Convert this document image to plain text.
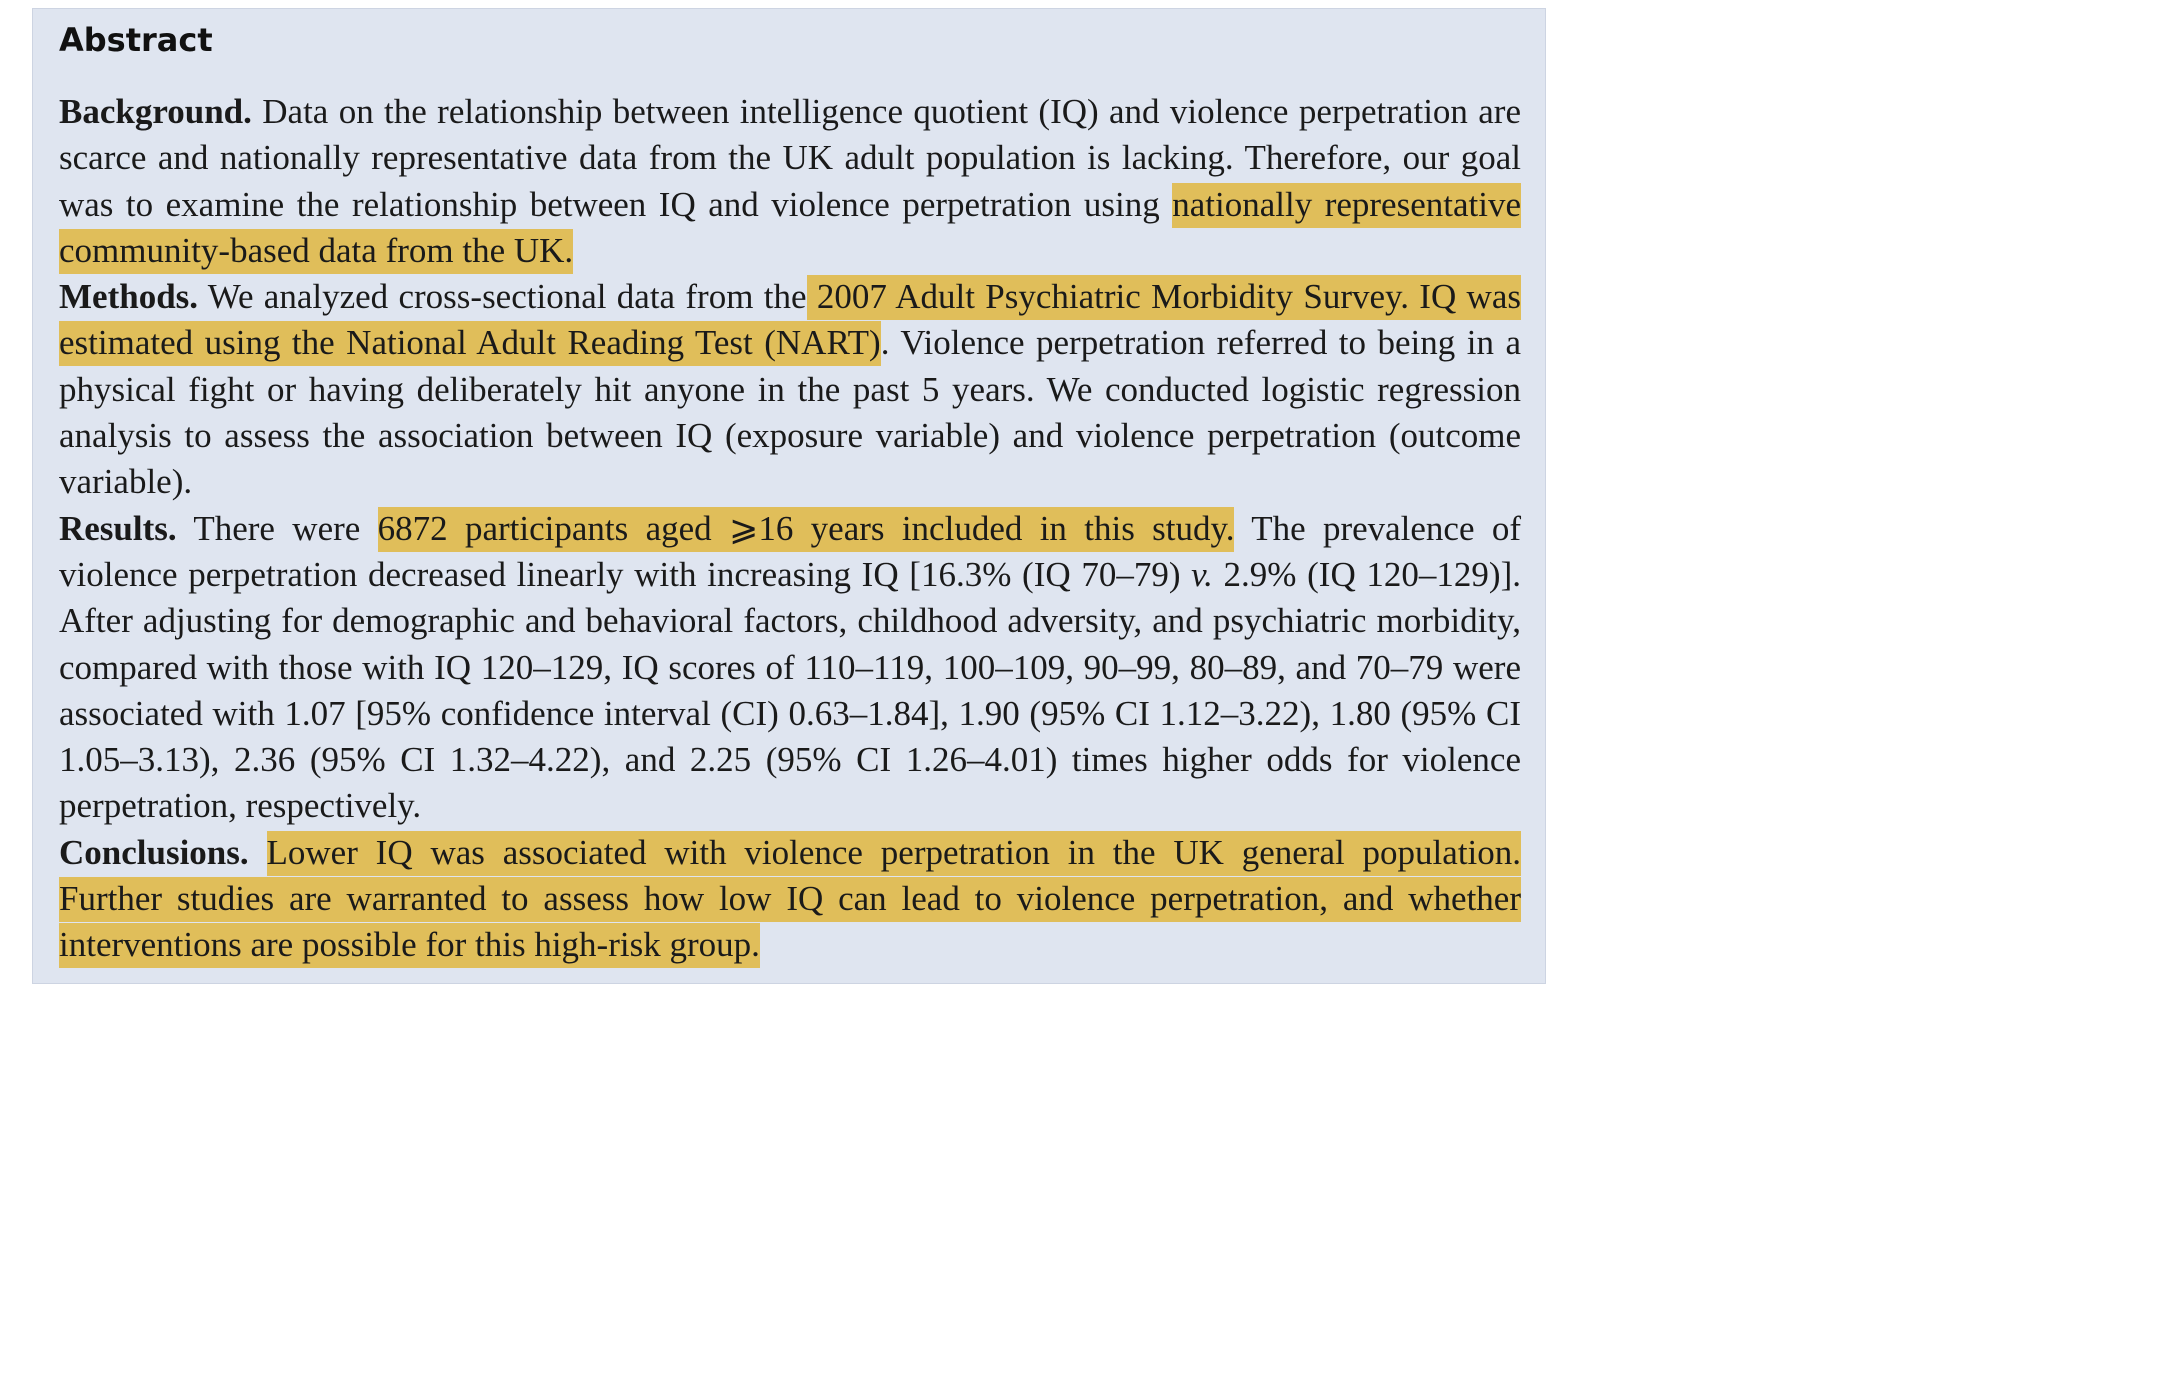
Abstract

Background. Data on the relationship between intelligence quotient (IQ) and violence perpetration are scarce and nationally representative data from the UK adult population is lacking. Therefore, our goal was to examine the relationship between IQ and violence perpetration using nationally representative community-based data from the UK.

Methods. We analyzed cross-sectional data from the 2007 Adult Psychiatric Morbidity Survey. IQ was estimated using the National Adult Reading Test (NART). Violence perpetration referred to being in a physical fight or having deliberately hit anyone in the past 5 years. We conducted logistic regression analysis to assess the association between IQ (exposure variable) and violence perpetration (outcome variable).

Results. There were 6872 participants aged ⩾16 years included in this study. The prevalence of violence perpetration decreased linearly with increasing IQ [16.3% (IQ 70–79) v. 2.9% (IQ 120–129)]. After adjusting for demographic and behavioral factors, childhood adversity, and psychiatric morbidity, compared with those with IQ 120–129, IQ scores of 110–119, 100–109, 90–99, 80–89, and 70–79 were associated with 1.07 [95% confidence interval (CI) 0.63–1.84], 1.90 (95% CI 1.12–3.22), 1.80 (95% CI 1.05–3.13), 2.36 (95% CI 1.32–4.22), and 2.25 (95% CI 1.26–4.01) times higher odds for violence perpetration, respectively.

Conclusions. Lower IQ was associated with violence perpetration in the UK general population. Further studies are warranted to assess how low IQ can lead to violence perpetration, and whether interventions are possible for this high-risk group.
